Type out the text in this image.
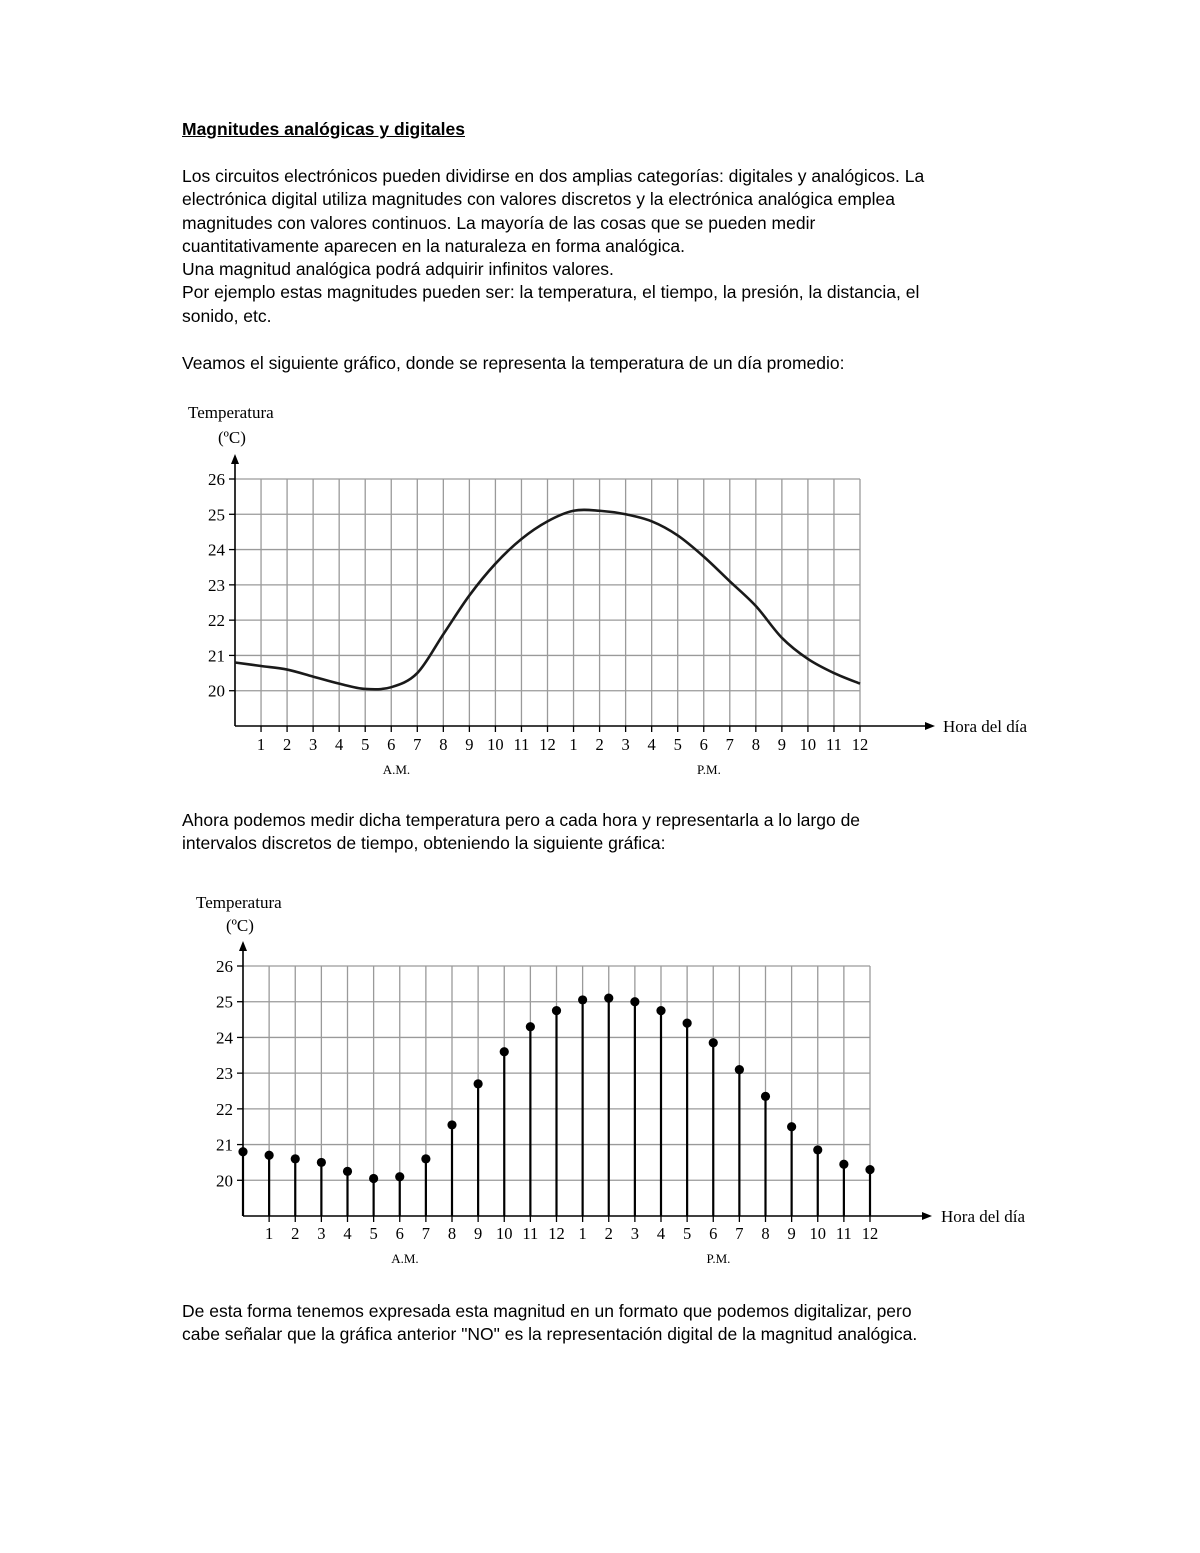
Magnitudes analógicas y digitales

Los circuitos electrónicos pueden dividirse en dos amplias categorías: digitales y analógicos. La
electrónica digital utiliza magnitudes con valores discretos y la electrónica analógica emplea
magnitudes con valores continuos. La mayoría de las cosas que se pueden medir
cuantitativamente aparecen en la naturaleza en forma analógica.
Una magnitud analógica podrá adquirir infinitos valores.
Por ejemplo estas magnitudes pueden ser: la temperatura, el tiempo, la presión, la distancia, el
sonido, etc.

Veamos el siguiente gráfico, donde se representa la temperatura de un día promedio:

20
21
22
23
24
25
26
1 2 3 4 5 6 7 8 9 10 11 12 1 2 3 4 5 6 7 8 9 10 11 12
A.M.	P.M.
Temperatura
(ºC)
Hora del día

Ahora podemos medir dicha temperatura pero a cada hora y representarla a lo largo de
intervalos discretos de tiempo, obteniendo la siguiente gráfica:

20
21
22
23
24
25
26
1 2 3 4 5 6 7 8 9 10 11 12 1 2 3 4 5 6 7 8 9 10 11 12
A.M.	P.M.
Temperatura
(ºC)
Hora del día

De esta forma tenemos expresada esta magnitud en un formato que podemos digitalizar, pero
cabe señalar que la gráfica anterior "NO" es la representación digital de la magnitud analógica.
